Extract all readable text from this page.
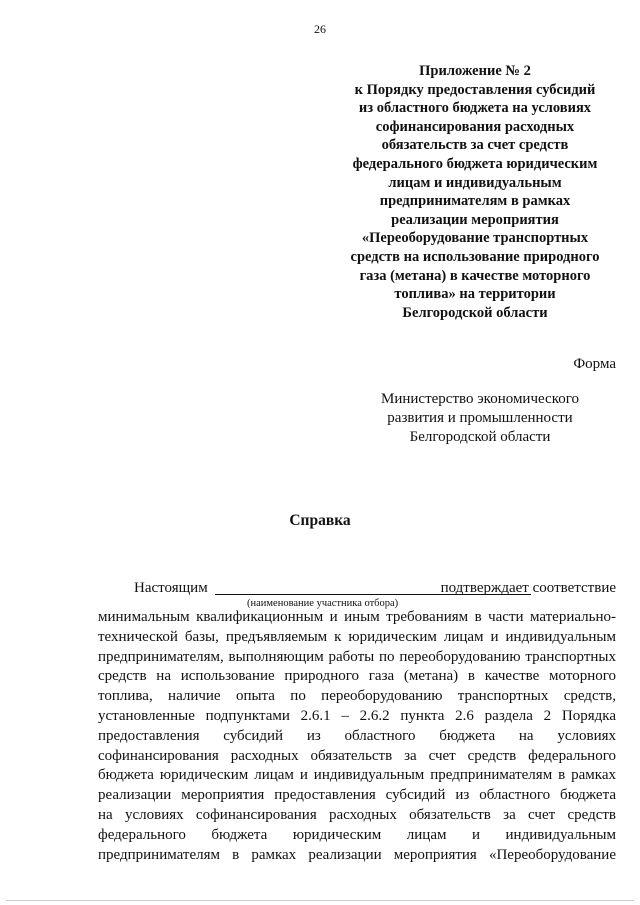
26
Приложение № 2
к Порядку предоставления субсидий
из областного бюджета на условиях
софинансирования расходных
обязательств за счет средств
федерального бюджета юридическим
лицам и индивидуальным
предпринимателям в рамках
реализации мероприятия
«Переоборудование транспортных
средств на использование природного
газа (метана) в качестве моторного
топлива» на территории
Белгородской области
Форма
Министерство экономического
развития и промышленности
Белгородской области
Справка
Настоящим	подтверждает соответствие
(наименование участника отбора)
минимальным квалификационным и иным требованиям в части материально-
технической базы, предъявляемым к юридическим лицам и индивидуальным
предпринимателям, выполняющим работы по переоборудованию транспортных
средств на использование природного газа (метана) в качестве моторного
топлива, наличие опыта по переоборудованию транспортных средств,
установленные подпунктами 2.6.1 – 2.6.2 пункта 2.6 раздела 2 Порядка
предоставления субсидий из областного бюджета на условиях
софинансирования расходных обязательств за счет средств федерального
бюджета юридическим лицам и индивидуальным предпринимателям в рамках
реализации мероприятия предоставления субсидий из областного бюджета
на условиях софинансирования расходных обязательств за счет средств
федерального бюджета юридическим лицам и индивидуальным
предпринимателям в рамках реализации мероприятия «Переоборудование
